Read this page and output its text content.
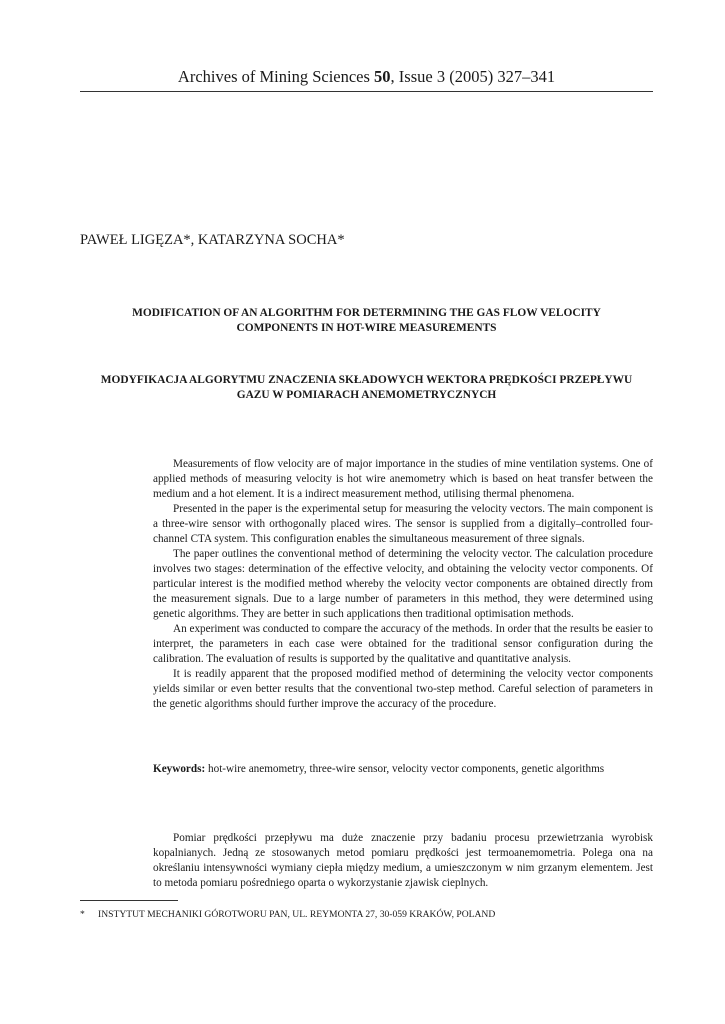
Archives of Mining Sciences 50, Issue 3 (2005) 327–341
PAWEŁ LIGĘZA*, KATARZYNA SOCHA*
MODIFICATION OF AN ALGORITHM FOR DETERMINING THE GAS FLOW VELOCITY
COMPONENTS IN HOT-WIRE MEASUREMENTS
MODYFIKACJA ALGORYTMU ZNACZENIA SKŁADOWYCH WEKTORA PRĘDKOŚCI PRZEPŁYWU
GAZU W POMIARACH ANEMOMETRYCZNYCH

Measurements of flow velocity are of major importance in the studies of mine ventilation systems. One of applied methods of measuring velocity is hot wire anemometry which is based on heat transfer between the medium and a hot element. It is a indirect measurement method, utilising thermal phenomena.

Presented in the paper is the experimental setup for measuring the velocity vectors. The main component is a three-wire sensor with orthogonally placed wires. The sensor is supplied from a digitally–controlled four-channel CTA system. This configuration enables the simultaneous measurement of three signals.

The paper outlines the conventional method of determining the velocity vector. The calculation procedure involves two stages: determination of the effective velocity, and obtaining the velocity vector components. Of particular interest is the modified method whereby the velocity vector components are obtained directly from the measurement signals. Due to a large number of parameters in this method, they were determined using genetic algorithms. They are better in such applications then traditional optimisation methods.

An experiment was conducted to compare the accuracy of the methods. In order that the results be easier to interpret, the parameters in each case were obtained for the traditional sensor configuration during the calibration. The evaluation of results is supported by the qualitative and quantitative analysis.

It is readily apparent that the proposed modified method of determining the velocity vector components yields similar or even better results that the conventional two-step method. Careful selection of parameters in the genetic algorithms should further improve the accuracy of the procedure.

Keywords: hot-wire anemometry, three-wire sensor, velocity vector components, genetic algorithms

Pomiar prędkości przepływu ma duże znaczenie przy badaniu procesu przewietrzania wyrobisk kopalnianych. Jedną ze stosowanych metod pomiaru prędkości jest termoanemometria. Polega ona na określaniu intensywności wymiany ciepła między medium, a umieszczonym w nim grzanym elementem. Jest to metoda pomiaru pośredniego oparta o wykorzystanie zjawisk cieplnych.

* INSTYTUT MECHANIKI GÓROTWORU PAN, UL. REYMONTA 27, 30-059 KRAKÓW, POLAND
